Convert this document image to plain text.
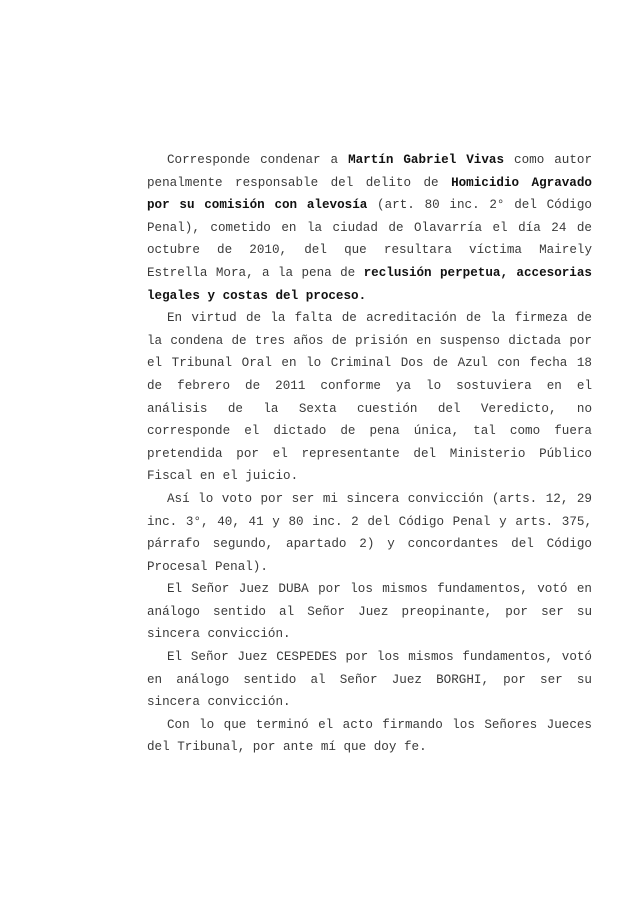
Corresponde condenar a Martín Gabriel Vivas como autor penalmente responsable del delito de Homicidio Agravado por su comisión con alevosía (art. 80 inc. 2° del Código Penal), cometido en la ciudad de Olavarría el día 24 de octubre de 2010, del que resultara víctima Mairely Estrella Mora, a la pena de reclusión perpetua, accesorias legales y costas del proceso.

En virtud de la falta de acreditación de la firmeza de la condena de tres años de prisión en suspenso dictada por el Tribunal Oral en lo Criminal Dos de Azul con fecha 18 de febrero de 2011 conforme ya lo sostuviera en el análisis de la Sexta cuestión del Veredicto, no corresponde el dictado de pena única, tal como fuera pretendida por el representante del Ministerio Público Fiscal en el juicio.

Así lo voto por ser mi sincera convicción (arts. 12, 29 inc. 3°, 40, 41 y 80 inc. 2 del Código Penal y arts. 375, párrafo segundo, apartado 2) y concordantes del Código Procesal Penal).

El Señor Juez DUBA por los mismos fundamentos, votó en análogo sentido al Señor Juez preopinante, por ser su sincera convicción.

El Señor Juez CESPEDES por los mismos fundamentos, votó en análogo sentido al Señor Juez BORGHI, por ser su sincera convicción.

Con lo que terminó el acto firmando los Señores Jueces del Tribunal, por ante mí que doy fe.
